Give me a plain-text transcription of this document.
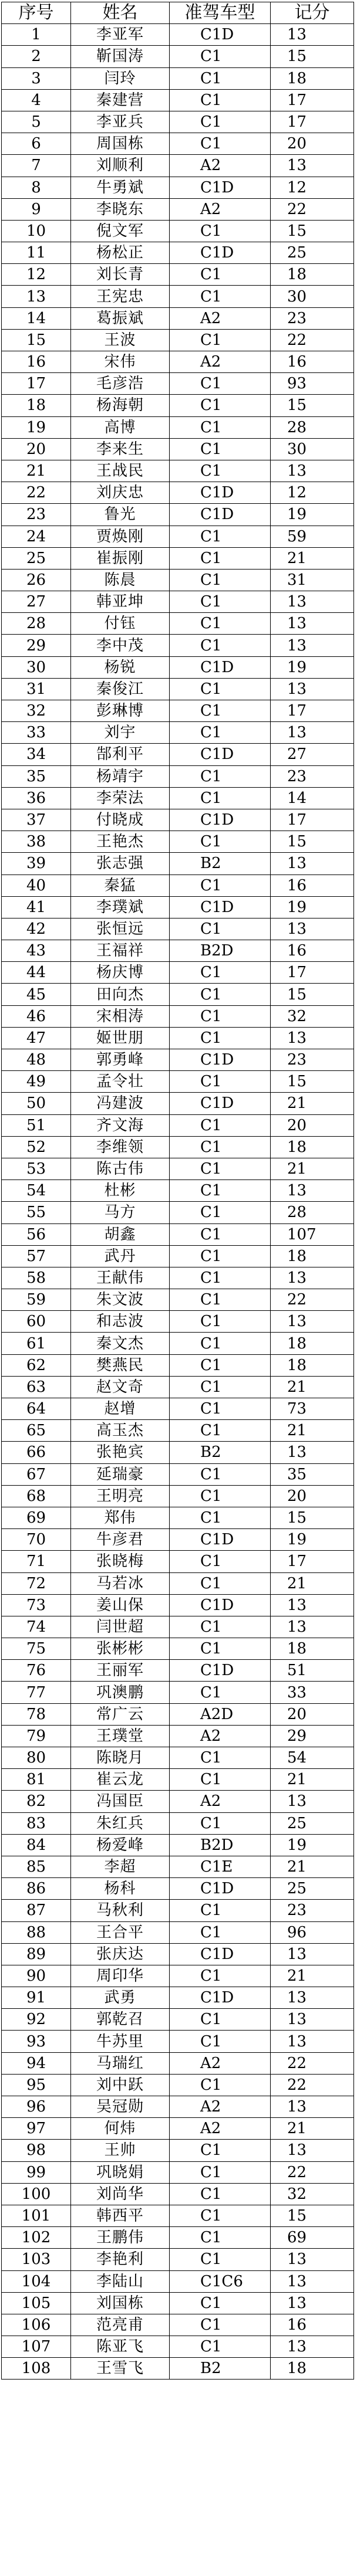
序号	姓名	准驾车型	记分
1	李亚军	C1D	13
2	靳国涛	C1	15
3	闫玲	C1	18
4	秦建营	C1	17
5	李亚兵	C1	17
6	周国栋	C1	20
7	刘顺利	A2	13
8	牛勇斌	C1D	12
9	李晓东	A2	22
10	倪文军	C1	15
11	杨松正	C1D	25
12	刘长青	C1	18
13	王宪忠	C1	30
14	葛振斌	A2	23
15	王波	C1	22
16	宋伟	A2	16
17	毛彦浩	C1	93
18	杨海朝	C1	15
19	高博	C1	28
20	李来生	C1	30
21	王战民	C1	13
22	刘庆忠	C1D	12
23	鲁光	C1D	19
24	贾焕刚	C1	59
25	崔振刚	C1	21
26	陈晨	C1	31
27	韩亚坤	C1	13
28	付钰	C1	13
29	李中茂	C1	13
30	杨锐	C1D	19
31	秦俊江	C1	13
32	彭琳博	C1	17
33	刘宇	C1	13
34	郜利平	C1D	27
35	杨靖宇	C1	23
36	李荣法	C1	14
37	付晓成	C1D	17
38	王艳杰	C1	15
39	张志强	B2	13
40	秦猛	C1	16
41	李璞斌	C1D	19
42	张恒远	C1	13
43	王福祥	B2D	16
44	杨庆博	C1	17
45	田向杰	C1	15
46	宋相涛	C1	32
47	姬世朋	C1	13
48	郭勇峰	C1D	23
49	孟令壮	C1	15
50	冯建波	C1D	21
51	齐文海	C1	20
52	李维领	C1	18
53	陈古伟	C1	21
54	杜彬	C1	13
55	马方	C1	28
56	胡鑫	C1	107
57	武丹	C1	18
58	王献伟	C1	13
59	朱文波	C1	22
60	和志波	C1	13
61	秦文杰	C1	18
62	樊燕民	C1	18
63	赵文奇	C1	21
64	赵增	C1	73
65	高玉杰	C1	21
66	张艳宾	B2	13
67	延瑞豪	C1	35
68	王明亮	C1	20
69	郑伟	C1	15
70	牛彦君	C1D	19
71	张晓梅	C1	17
72	马若冰	C1	21
73	姜山保	C1D	13
74	闫世超	C1	13
75	张彬彬	C1	18
76	王丽军	C1D	51
77	巩澳鹏	C1	33
78	常广云	A2D	20
79	王璞堂	A2	29
80	陈晓月	C1	54
81	崔云龙	C1	21
82	冯国臣	A2	13
83	朱红兵	C1	25
84	杨爱峰	B2D	19
85	李超	C1E	21
86	杨科	C1D	25
87	马秋利	C1	23
88	王合平	C1	96
89	张庆达	C1D	13
90	周印华	C1	21
91	武勇	C1D	13
92	郭乾召	C1	13
93	牛苏里	C1	13
94	马瑞红	A2	22
95	刘中跃	C1	22
96	吴冠勋	A2	13
97	何炜	A2	21
98	王帅	C1	13
99	巩晓娟	C1	22
100	刘尚华	C1	32
101	韩西平	C1	15
102	王鹏伟	C1	69
103	李艳利	C1	13
104	李陆山	C1C6	13
105	刘国栋	C1	13
106	范亮甫	C1	16
107	陈亚飞	C1	13
108	王雪飞	B2	18
